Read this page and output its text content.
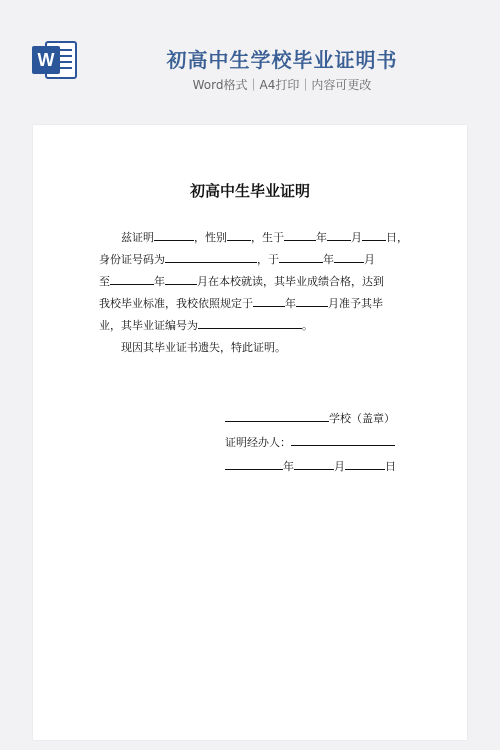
W	初高中生学校毕业证明书
Word格式｜A4打印｜内容可更改
初高中生毕业证明
兹证明	，性别 ，生于	年 月 日，
身份证号码为	，于	年	月
至	年	月在本校就读，其毕业成绩合格，达到
我校毕业标准，我校依照规定于	年	月准予其毕
业，其毕业证编号为	。
现因其毕业证书遗失，特此证明。
学校（盖章）
证明经办人：
年	月	日
